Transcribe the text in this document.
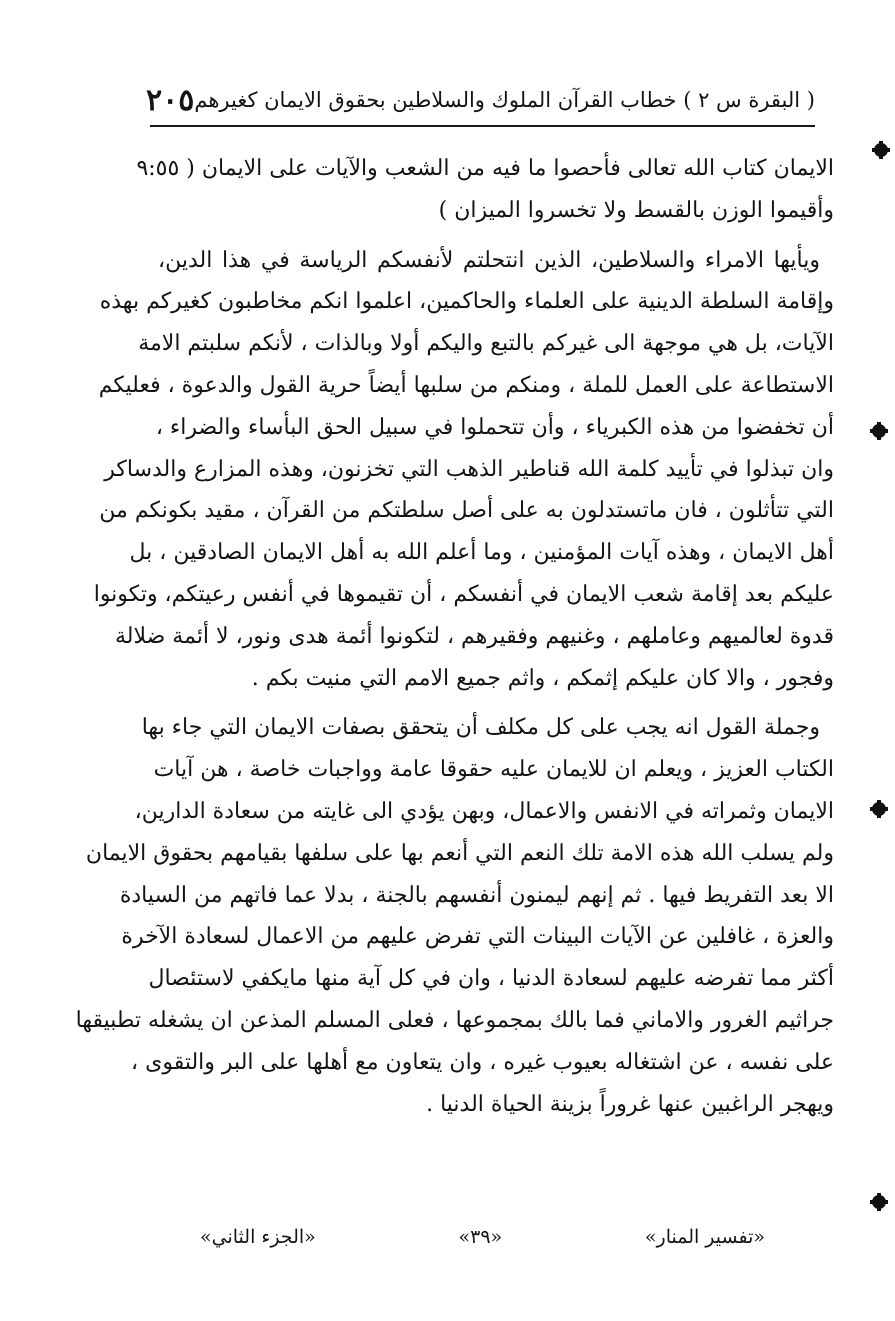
( البقرة س ٢ ) خطاب القرآن الملوك والسلاطين بحقوق الايمان كغيرهم
٢٠٥
الايمان كتاب الله تعالى فأحصوا ما فيه من الشعب والآيات على الايمان ( ٩:٥٥
وأقيموا الوزن بالقسط ولا تخسروا الميزان )
ويأيها الامراء والسلاطين، الذين انتحلتم لأنفسكم الرياسة في هذا الدين،
وإقامة السلطة الدينية على العلماء والحاكمين، اعلموا انكم مخاطبون كغيركم بهذه
الآيات، بل هي موجهة الى غيركم بالتبع واليكم أولا وبالذات ، لأنكم سلبتم الامة
الاستطاعة على العمل للملة ، ومنكم من سلبها أيضاً حرية القول والدعوة ، فعليكم
أن تخفضوا من هذه الكبرياء ، وأن تتحملوا في سبيل الحق البأساء والضراء ،
وان تبذلوا في تأييد كلمة الله قناطير الذهب التي تخزنون، وهذه المزارع والدساكر
التي تتأثلون ، فان ماتستدلون به على أصل سلطتكم من القرآن ، مقيد بكونكم من
أهل الايمان ، وهذه آيات المؤمنين ، وما أعلم الله به أهل الايمان الصادقين ، بل
عليكم بعد إقامة شعب الايمان في أنفسكم ، أن تقيموها في أنفس رعيتكم، وتكونوا
قدوة لعالميهم وعاملهم ، وغنيهم وفقيرهم ، لتكونوا أئمة هدى ونور، لا أئمة ضلالة
وفجور ، والا كان عليكم إثمكم ، واثم جميع الامم التي منيت بكم .
وجملة القول انه يجب على كل مكلف أن يتحقق بصفات الايمان التي جاء بها
الكتاب العزيز ، ويعلم ان للايمان عليه حقوقا عامة وواجبات خاصة ، هن آيات
الايمان وثمراته في الانفس والاعمال، وبهن يؤدي الى غايته من سعادة الدارين،
ولم يسلب الله هذه الامة تلك النعم التي أنعم بها على سلفها بقيامهم بحقوق الايمان
الا بعد التفريط فيها . ثم إنهم ليمنون أنفسهم بالجنة ، بدلا عما فاتهم من السيادة
والعزة ، غافلين عن الآيات البينات التي تفرض عليهم من الاعمال لسعادة الآخرة
أكثر مما تفرضه عليهم لسعادة الدنيا ، وان في كل آية منها مايكفي لاستئصال
جراثيم الغرور والاماني فما بالك بمجموعها ، فعلى المسلم المذعن ان يشغله تطبيقها
على نفسه ، عن اشتغاله بعيوب غيره ، وان يتعاون مع أهلها على البر والتقوى ،
ويهجر الراغبين عنها غروراً بزينة الحياة الدنيا .
«تفسير المنار»
«٣٩»
«الجزء الثاني»
